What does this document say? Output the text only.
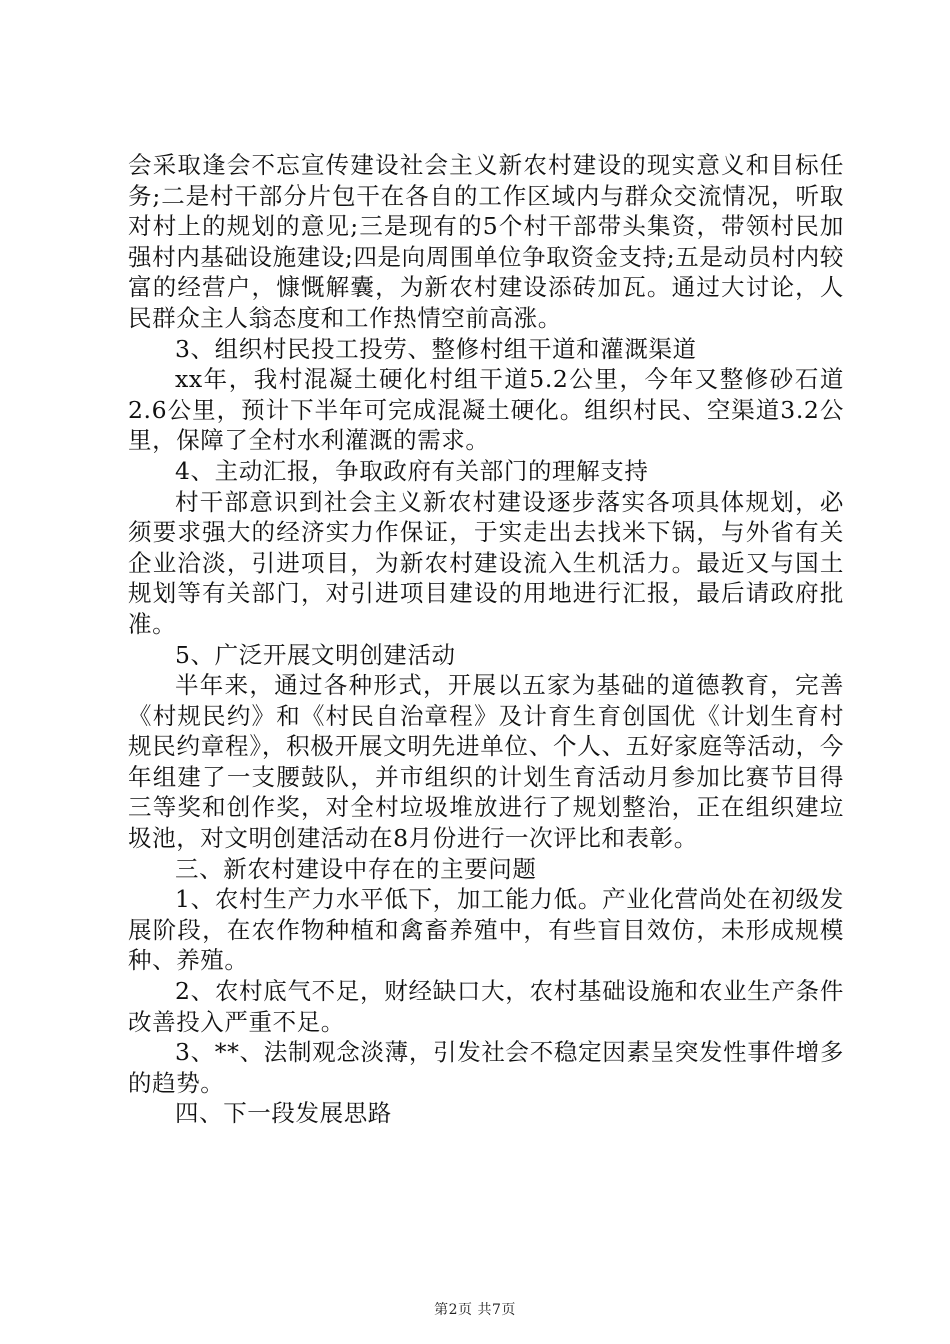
会采取逢会不忘宣传建设社会主义新农村建设的现实意义和目标任务;二是村干部分片包干在各自的工作区域内与群众交流情况，听取对村上的规划的意见;三是现有的5个村干部带头集资，带领村民加强村内基础设施建设;四是向周围单位争取资金支持;五是动员村内较富的经营户，慷慨解囊，为新农村建设添砖加瓦。通过大讨论，人民群众主人翁态度和工作热情空前高涨。

3、组织村民投工投劳、整修村组干道和灌溉渠道

xx年，我村混凝土硬化村组干道5.2公里，今年又整修砂石道2.6公里，预计下半年可完成混凝土硬化。组织村民、空渠道3.2公里，保障了全村水利灌溉的需求。

4、主动汇报，争取政府有关部门的理解支持

村干部意识到社会主义新农村建设逐步落实各项具体规划，必须要求强大的经济实力作保证，于实走出去找米下锅，与外省有关企业洽淡，引进项目，为新农村建设流入生机活力。最近又与国土规划等有关部门，对引进项目建设的用地进行汇报，最后请政府批准。

5、广泛开展文明创建活动

半年来，通过各种形式，开展以五家为基础的道德教育，完善《村规民约》和《村民自治章程》及计育生育创国优《计划生育村规民约章程》，积极开展文明先进单位、个人、五好家庭等活动，今年组建了一支腰鼓队，并市组织的计划生育活动月参加比赛节目得三等奖和创作奖，对全村垃圾堆放进行了规划整治，正在组织建垃圾池，对文明创建活动在8月份进行一次评比和表彰。

三、新农村建设中存在的主要问题

1、农村生产力水平低下，加工能力低。产业化营尚处在初级发展阶段，在农作物种植和禽畜养殖中，有些盲目效仿，未形成规模种、养殖。

2、农村底气不足，财经缺口大，农村基础设施和农业生产条件改善投入严重不足。

3、**、法制观念淡薄，引发社会不稳定因素呈突发性事件增多的趋势。

四、下一段发展思路

第2页 共7页
